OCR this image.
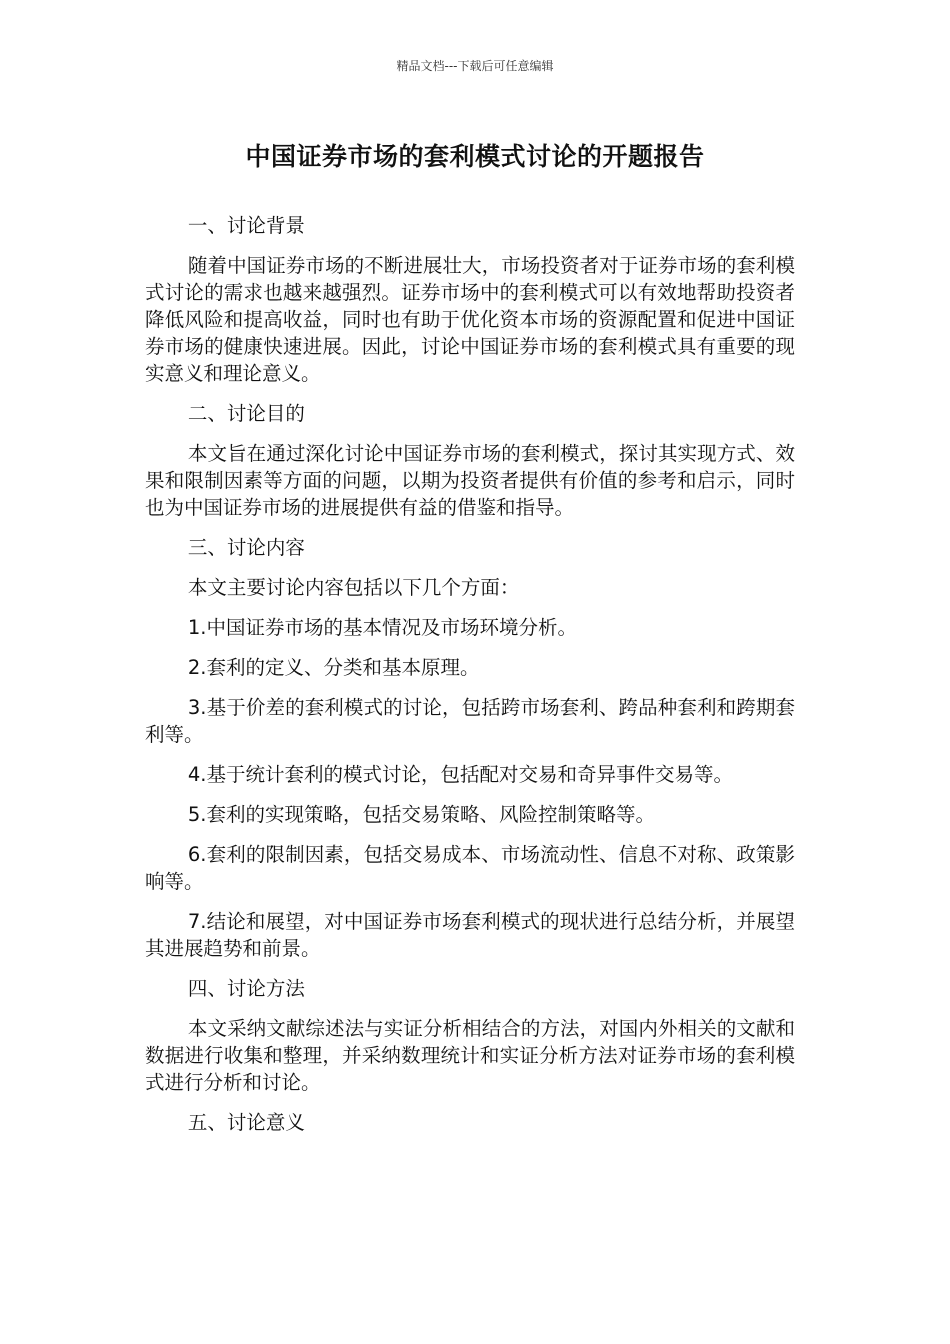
精品文档---下载后可任意编辑
中国证券市场的套利模式讨论的开题报告
一、讨论背景
随着中国证券市场的不断进展壮大，市场投资者对于证券市场的套利模式讨论的需求也越来越强烈。证券市场中的套利模式可以有效地帮助投资者降低风险和提高收益，同时也有助于优化资本市场的资源配置和促进中国证券市场的健康快速进展。因此，讨论中国证券市场的套利模式具有重要的现实意义和理论意义。
二、讨论目的
本文旨在通过深化讨论中国证券市场的套利模式，探讨其实现方式、效果和限制因素等方面的问题，以期为投资者提供有价值的参考和启示，同时也为中国证券市场的进展提供有益的借鉴和指导。
三、讨论内容
本文主要讨论内容包括以下几个方面：
1.中国证券市场的基本情况及市场环境分析。
2.套利的定义、分类和基本原理。
3.基于价差的套利模式的讨论，包括跨市场套利、跨品种套利和跨期套利等。
4.基于统计套利的模式讨论，包括配对交易和奇异事件交易等。
5.套利的实现策略，包括交易策略、风险控制策略等。
6.套利的限制因素，包括交易成本、市场流动性、信息不对称、政策影响等。
7.结论和展望，对中国证券市场套利模式的现状进行总结分析，并展望其进展趋势和前景。
四、讨论方法
本文采纳文献综述法与实证分析相结合的方法，对国内外相关的文献和数据进行收集和整理，并采纳数理统计和实证分析方法对证券市场的套利模式进行分析和讨论。
五、讨论意义
